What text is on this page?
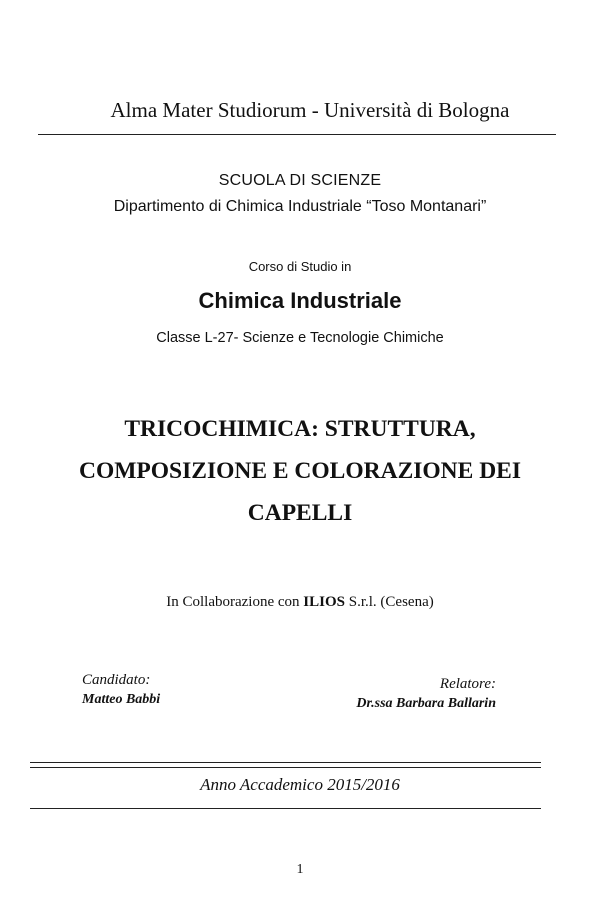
Alma Mater Studiorum - Università di Bologna
SCUOLA DI SCIENZE
Dipartimento di Chimica Industriale “Toso Montanari”
Corso di Studio in
Chimica Industriale
Classe L-27- Scienze e Tecnologie Chimiche
TRICOCHIMICA: STRUTTURA,
COMPOSIZIONE E COLORAZIONE DEI
CAPELLI
In Collaborazione con ILIOS S.r.l. (Cesena)
Candidato:
Matteo Babbi
Relatore:
Dr.ssa Barbara Ballarin
Anno Accademico 2015/2016
1
